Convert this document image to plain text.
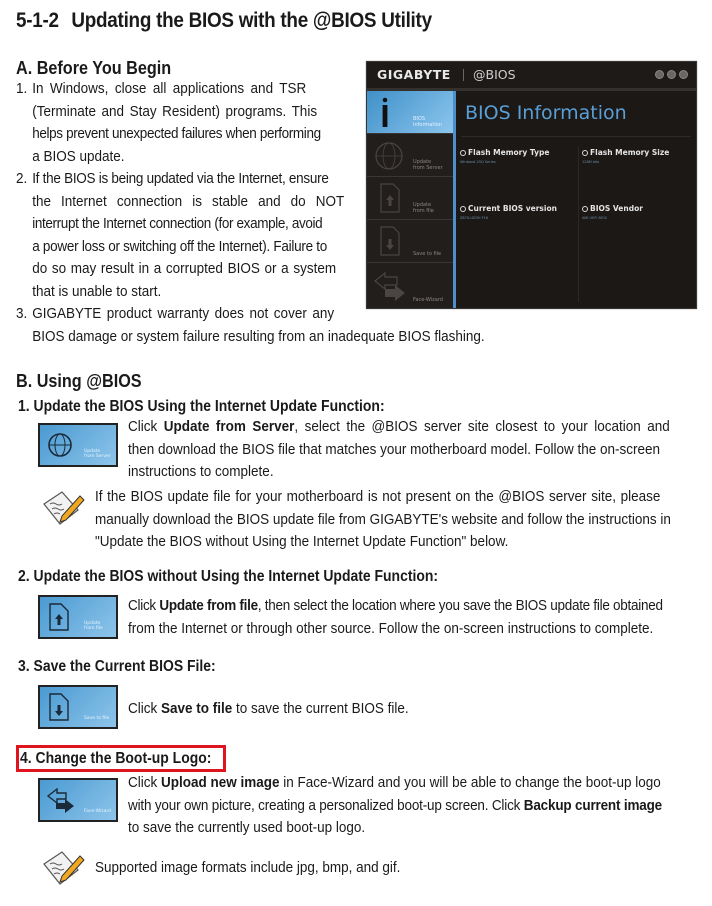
5-1-2 Updating the BIOS with the @BIOS Utility
A. Before You Begin
1. In Windows, close all applications and TSR
(Terminate and Stay Resident) programs. This
helps prevent unexpected failures when performing
a BIOS update.
2. If the BIOS is being updated via the Internet, ensure
the Internet connection is stable and do NOT
interrupt the Internet connection (for example, avoid
a power loss or switching off the Internet). Failure to
do so may result in a corrupted BIOS or a system
that is unable to start.
3. GIGABYTE product warranty does not cover any
BIOS damage or system failure resulting from an inadequate BIOS flashing.
GIGABYTE @BIOS
BIOS
Information
Update
from Server
Update
from file
Save to file
Face-Wizard
BIOS Information
Flash Memory Type
Winbond 25Q Series
Flash Memory Size
128M bits
Current BIOS version
Z87X-UD3H F16
BIOS Vendor
AMI UEFI BIOS
B. Using @BIOS
1. Update the BIOS Using the Internet Update Function:
Update
from Server
Click Update from Server, select the @BIOS server site closest to your location and
then download the BIOS file that matches your motherboard model. Follow the on-screen
instructions to complete.
If the BIOS update file for your motherboard is not present on the @BIOS server site, please
manually download the BIOS update file from GIGABYTE's website and follow the instructions in
"Update the BIOS without Using the Internet Update Function" below.
2. Update the BIOS without Using the Internet Update Function:
Update
from file
Click Update from file, then select the location where you save the BIOS update file obtained
from the Internet or through other source. Follow the on-screen instructions to complete.
3. Save the Current BIOS File:
Save to file
Click Save to file to save the current BIOS file.
4. Change the Boot-up Logo:
Face-Wizard
Click Upload new image in Face-Wizard and you will be able to change the boot-up logo
with your own picture, creating a personalized boot-up screen. Click Backup current image
to save the currently used boot-up logo.
Supported image formats include jpg, bmp, and gif.
